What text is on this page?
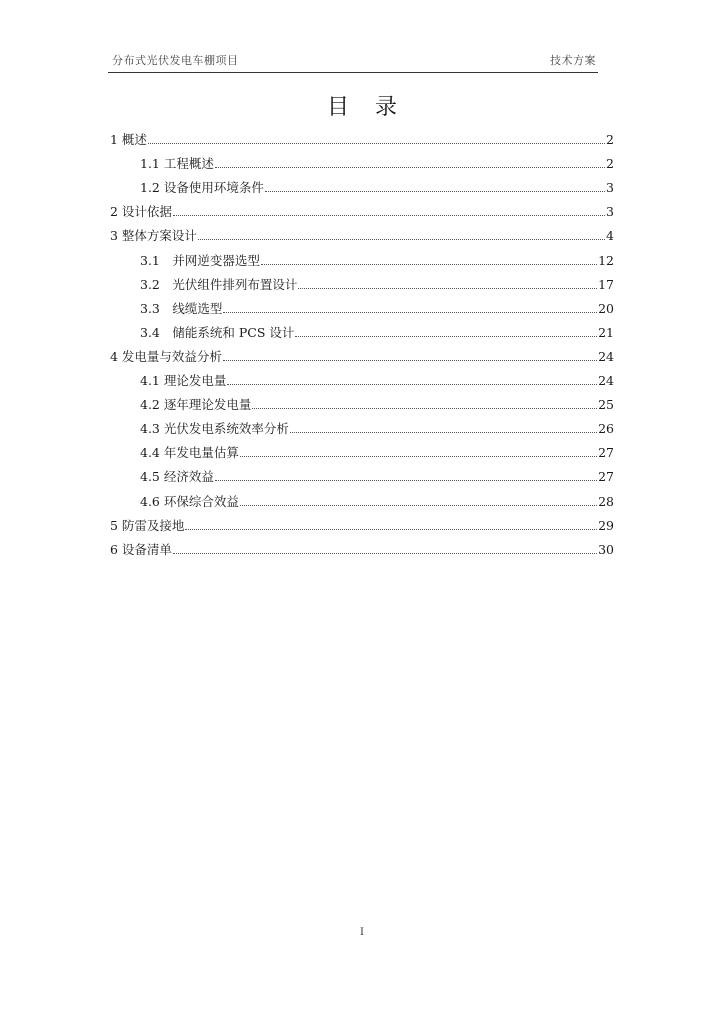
分布式光伏发电车棚项目	技术方案
目录
1 概述	2
1.1 工程概述	2
1.2 设备使用环境条件	3
2 设计依据	3
3 整体方案设计	4
3.1　并网逆变器选型	12
3.2　光伏组件排列布置设计	17
3.3　线缆选型	20
3.4　储能系统和 PCS 设计	21
4 发电量与效益分析	24
4.1 理论发电量	24
4.2 逐年理论发电量	25
4.3 光伏发电系统效率分析	26
4.4 年发电量估算	27
4.5 经济效益	27
4.6 环保综合效益	28
5 防雷及接地	29
6 设备清单	30
I
